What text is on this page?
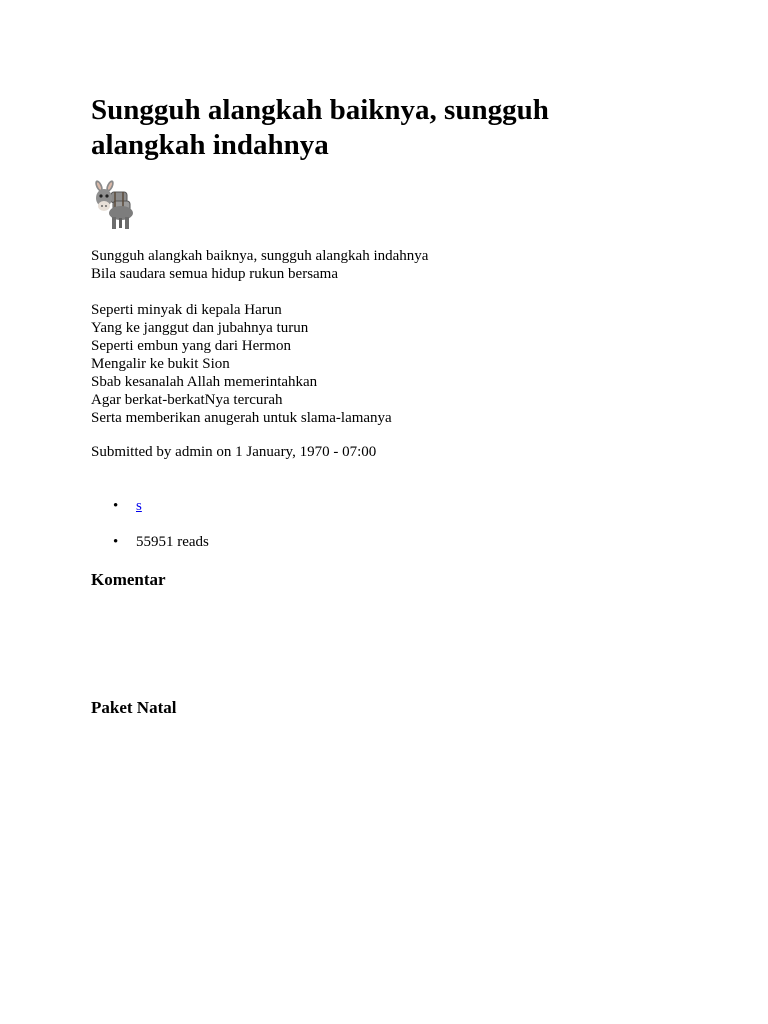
Sungguh alangkah baiknya, sungguh alangkah indahnya

Sungguh alangkah baiknya, sungguh alangkah indahnya
Bila saudara semua hidup rukun bersama

Seperti minyak di kepala Harun
Yang ke janggut dan jubahnya turun
Seperti embun yang dari Hermon
Mengalir ke bukit Sion
Sbab kesanalah Allah memerintahkan
Agar berkat-berkatNya tercurah
Serta memberikan anugerah untuk slama-lamanya

Submitted by admin on 1 January, 1970 - 07:00
• s
• 55951 reads
Komentar
Paket Natal
